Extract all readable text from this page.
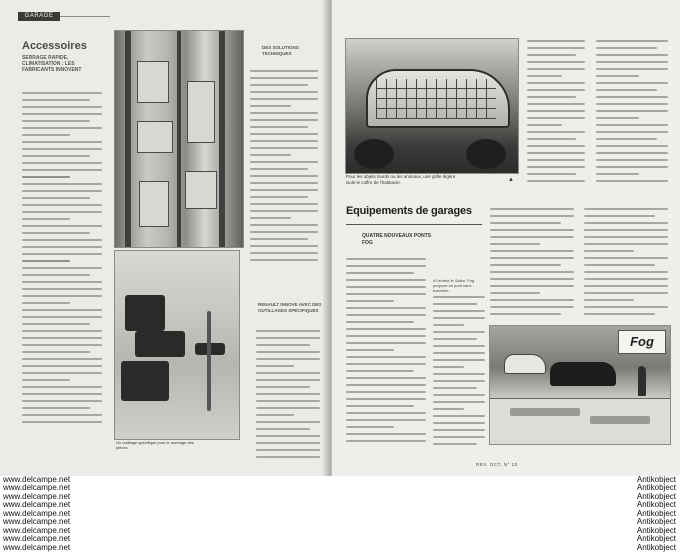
GARAGE
Accessoires
SERRAGE RAPIDE, CLIMATISATION : LES FABRICANTS INNOVENT
Un outillage spécifique pour le montage des pièces
DES SOLUTIONS TECHNIQUES
RENAULT INNOVE AVEC DES OUTILLAGES SPÉCIFIQUES
Pour les objets lourds ou les animaux, une grille légère isole le coffre de l'habitacle.	▲
Equipements de garages
QUATRE NOUVEAUX PONTS FOG
A l'entrée le Salon, Fog propose un pont sans tranchée.
Fog
REV. OCT. N° 10
www.delcampe.net
www.delcampe.net
www.delcampe.net
www.delcampe.net
www.delcampe.net
www.delcampe.net
www.delcampe.net
www.delcampe.net
www.delcampe.net
Antikobject
Antikobject
Antikobject
Antikobject
Antikobject
Antikobject
Antikobject
Antikobject
Antikobject
